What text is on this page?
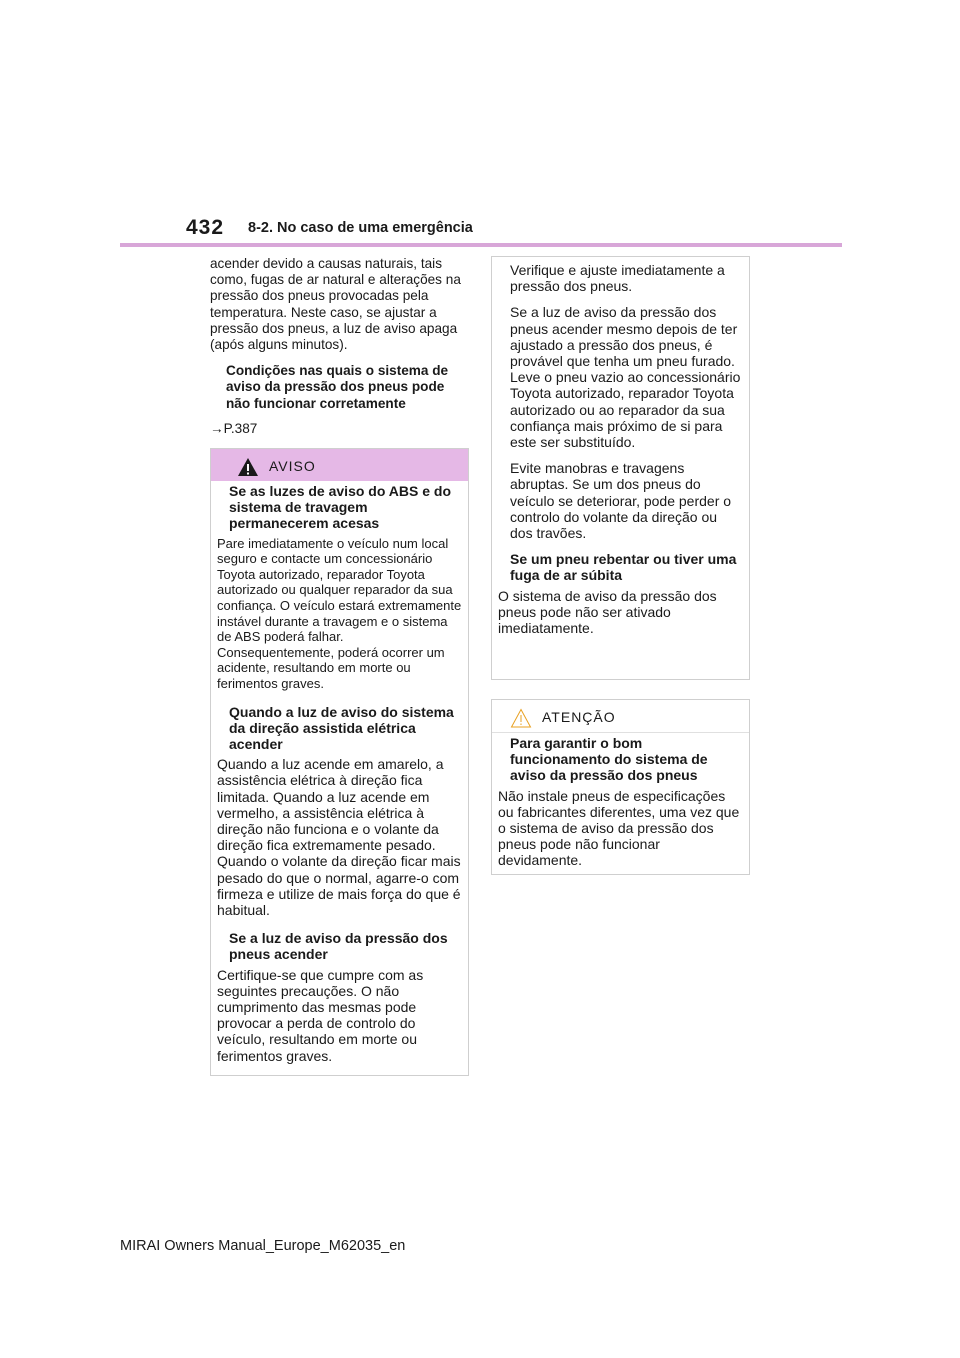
432 8-2. No caso de uma emergência

acender devido a causas naturais, tais como, fugas de ar natural e alterações na pressão dos pneus provocadas pela temperatura. Neste caso, se ajustar a pressão dos pneus, a luz de aviso apaga (após alguns minutos).

Condições nas quais o sistema de aviso da pressão dos pneus pode não funcionar corretamente

→P.387

AVISO

Se as luzes de aviso do ABS e do sistema de travagem permanecerem acesas

Pare imediatamente o veículo num local seguro e contacte um concessionário Toyota autorizado, reparador Toyota autorizado ou qualquer reparador da sua confiança. O veículo estará extremamente instável durante a travagem e o sistema de ABS poderá falhar. Consequentemente, poderá ocorrer um acidente, resultando em morte ou ferimentos graves.

Quando a luz de aviso do sistema da direção assistida elétrica acender

Quando a luz acende em amarelo, a assistência elétrica à direção fica limitada. Quando a luz acende em vermelho, a assistência elétrica à direção não funciona e o volante da direção fica extremamente pesado. Quando o volante da direção ficar mais pesado do que o normal, agarre-o com firmeza e utilize de mais força do que é habitual.

Se a luz de aviso da pressão dos pneus acender

Certifique-se que cumpre com as seguintes precauções. O não cumprimento das mesmas pode provocar a perda de controlo do veículo, resultando em morte ou ferimentos graves.

Verifique e ajuste imediatamente a pressão dos pneus.

Se a luz de aviso da pressão dos pneus acender mesmo depois de ter ajustado a pressão dos pneus, é provável que tenha um pneu furado. Leve o pneu vazio ao concessionário Toyota autorizado, reparador Toyota autorizado ou ao reparador da sua confiança mais próximo de si para este ser substituído.

Evite manobras e travagens abruptas. Se um dos pneus do veículo se deteriorar, pode perder o controlo do volante da direção ou dos travões.

Se um pneu rebentar ou tiver uma fuga de ar súbita

O sistema de aviso da pressão dos pneus pode não ser ativado imediatamente.

ATENÇÃO

Para garantir o bom funcionamento do sistema de aviso da pressão dos pneus

Não instale pneus de especificações ou fabricantes diferentes, uma vez que o sistema de aviso da pressão dos pneus pode não funcionar devidamente.

MIRAI Owners Manual_Europe_M62035_en
